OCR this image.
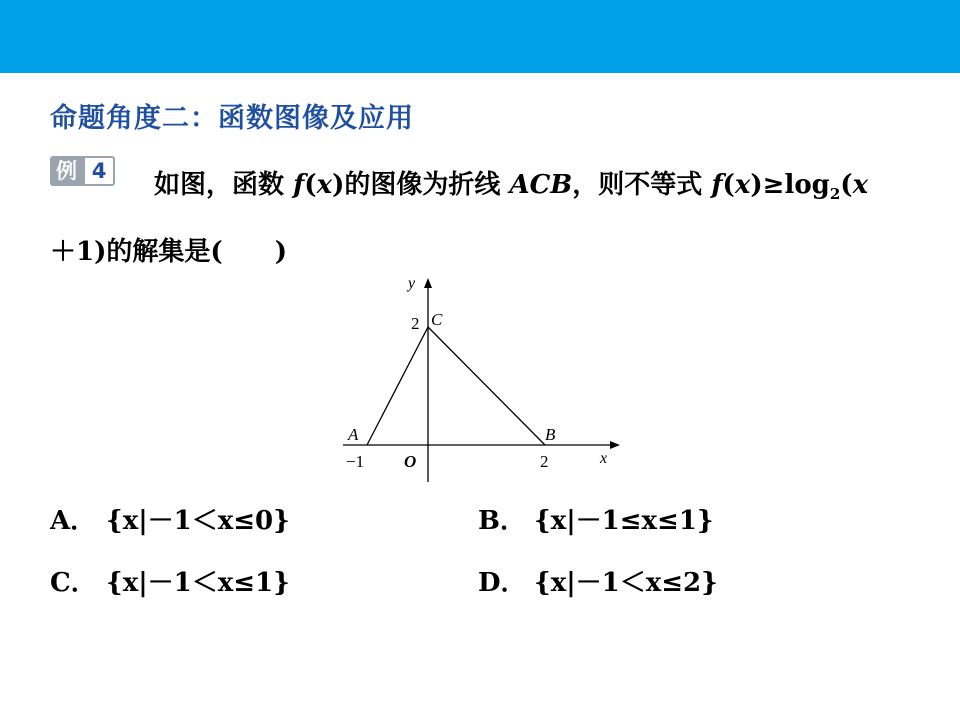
命题角度二：函数图像及应用
例 4	如图，函数 f(x)的图像为折线 ACB，则不等式 $f(x)\ge\log_2(x$
＋1)的解集是(　　)
y
x
O
A	B
C
−1	2
2
A． {x|－1＜x≤0}	B． {x|－1≤x≤1}
C． {x|－1＜x≤1}	D． {x|－1＜x≤2}
